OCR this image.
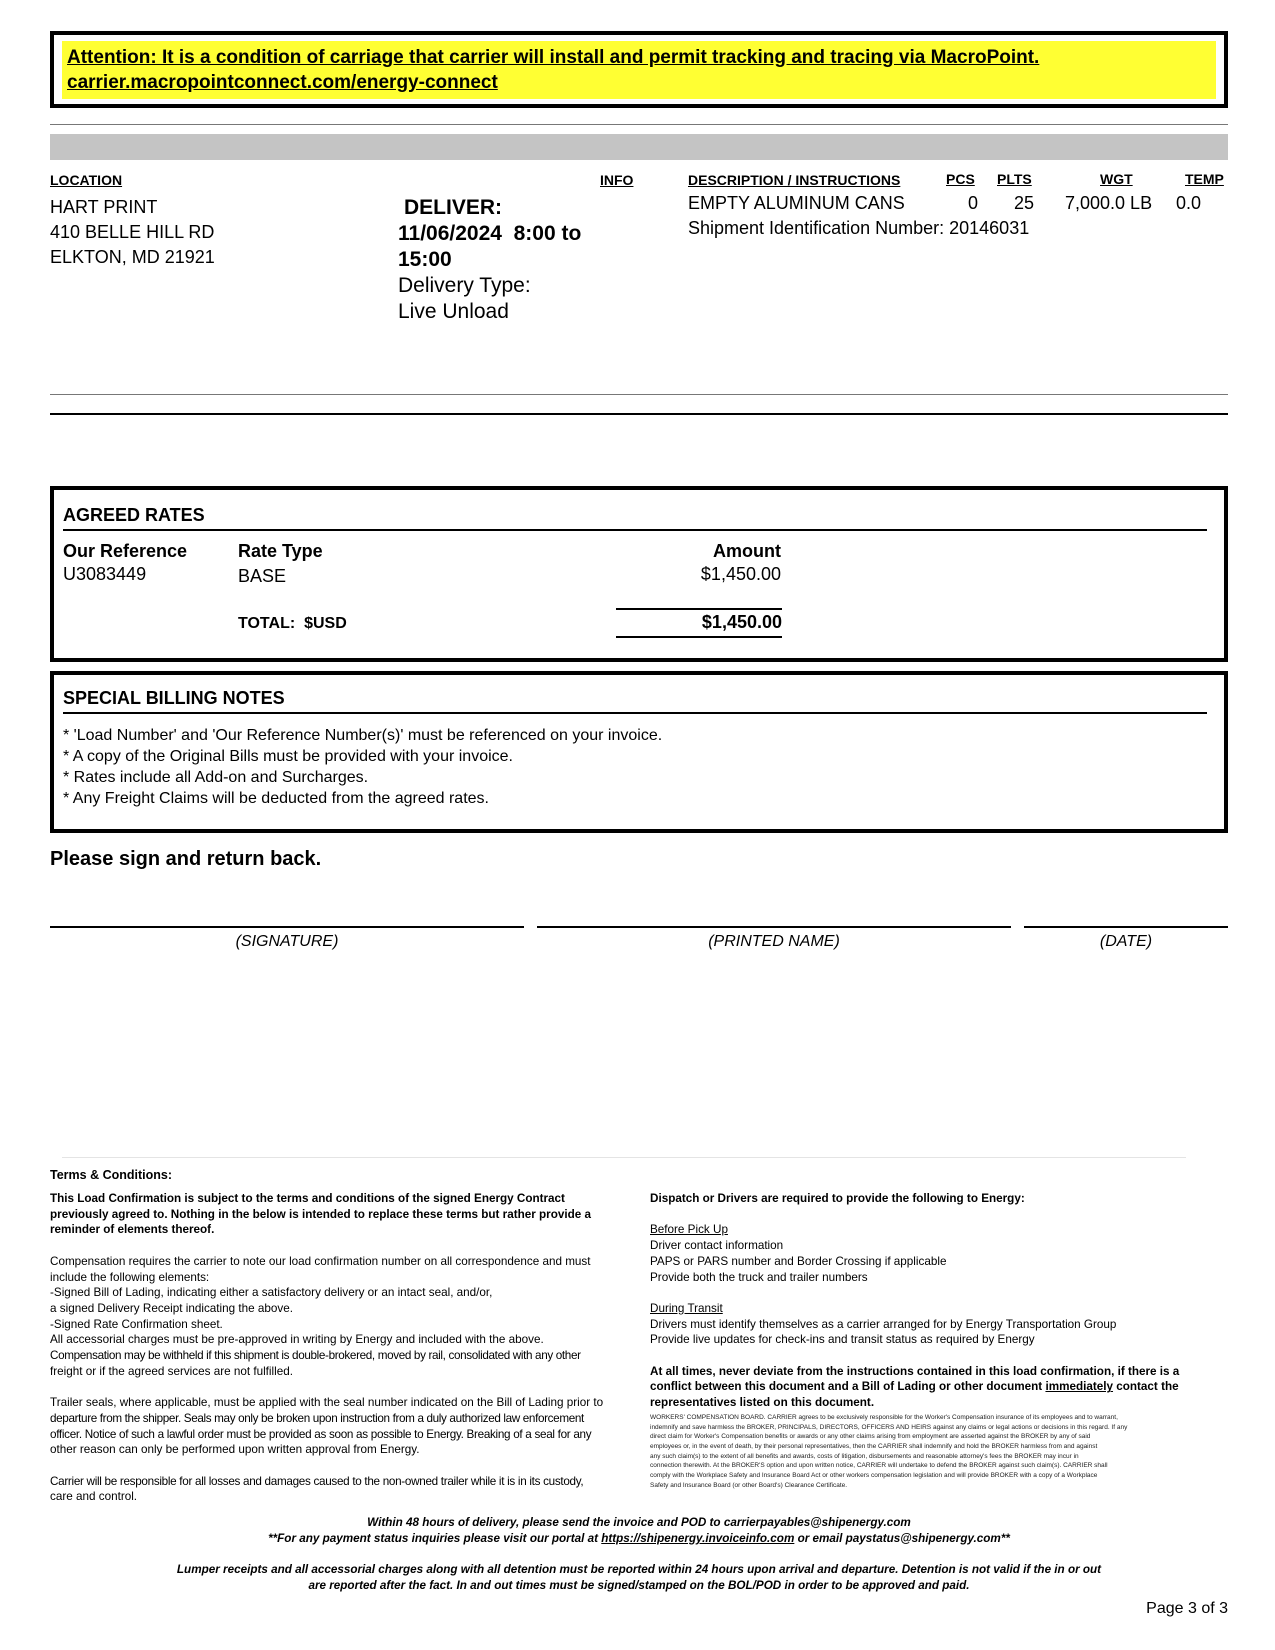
Attention: It is a condition of carriage that carrier will install and permit tracking and tracing via MacroPoint.
carrier.macropointconnect.com/energy-connect
LOCATION	INFO	DESCRIPTION / INSTRUCTIONS	PCS PLTS	WGT	TEMP
HART PRINT
410 BELLE HILL RD
ELKTON, MD 21921
DELIVER:
11/06/2024  8:00 to
15:00
Delivery Type:
Live Unload
EMPTY ALUMINUM CANS	0 25 7,000.0 LB 0.0
Shipment Identification Number: 20146031
AGREED RATES
Our Reference	Rate Type	Amount
U3083449	BASE	$1,450.00
TOTAL:  $USD	$1,450.00
SPECIAL BILLING NOTES
* 'Load Number' and 'Our Reference Number(s)' must be referenced on your invoice.
* A copy of the Original Bills must be provided with your invoice.
* Rates include all Add-on and Surcharges.
* Any Freight Claims will be deducted from the agreed rates.
Please sign and return back.
(SIGNATURE)	(PRINTED NAME)	(DATE)
Terms & Conditions:

This Load Confirmation is subject to the terms and conditions of the signed Energy Contract

previously agreed to. Nothing in the below is intended to replace these terms but rather provide a

reminder of elements thereof.

Compensation requires the carrier to note our load confirmation number on all correspondence and must

include the following elements:

-Signed Bill of Lading, indicating either a satisfactory delivery or an intact seal, and/or,

a signed Delivery Receipt indicating the above.

-Signed Rate Confirmation sheet.

All accessorial charges must be pre-approved in writing by Energy and included with the above.

Compensation may be withheld if this shipment is double-brokered, moved by rail, consolidated with any other

freight or if the agreed services are not fulfilled.

Trailer seals, where applicable, must be applied with the seal number indicated on the Bill of Lading prior to

departure from the shipper. Seals may only be broken upon instruction from a duly authorized law enforcement

officer. Notice of such a lawful order must be provided as soon as possible to Energy. Breaking of a seal for any

other reason can only be performed upon written approval from Energy.

Carrier will be responsible for all losses and damages caused to the non-owned trailer while it is in its custody,

care and control.

Dispatch or Drivers are required to provide the following to Energy:

Before Pick Up

Driver contact information

PAPS or PARS number and Border Crossing if applicable

Provide both the truck and trailer numbers

During Transit

Drivers must identify themselves as a carrier arranged for by Energy Transportation Group

Provide live updates for check-ins and transit status as required by Energy

At all times, never deviate from the instructions contained in this load confirmation, if there is a

conflict between this document and a Bill of Lading or other document immediately contact the

representatives listed on this document.

WORKERS' COMPENSATION BOARD. CARRIER agrees to be exclusively responsible for the Worker's Compensation insurance of its employees and to warrant,

indemnify and save harmless the BROKER, PRINCIPALS, DIRECTORS, OFFICERS AND HEIRS against any claims or legal actions or decisions in this regard. If any

direct claim for Worker's Compensation benefits or awards or any other claims arising from employment are asserted against the BROKER by any of said

employees or, in the event of death, by their personal representatives, then the CARRIER shall indemnify and hold the BROKER harmless from and against

any such claim(s) to the extent of all benefits and awards, costs of litigation, disbursements and reasonable attorney's fees the BROKER may incur in

connection therewith. At the BROKER'S option and upon written notice, CARRIER will undertake to defend the BROKER against such claim(s). CARRIER shall

comply with the Workplace Safety and Insurance Board Act or other workers compensation legislation and will provide BROKER with a copy of a Workplace

Safety and Insurance Board (or other Board's) Clearance Certificate.

Within 48 hours of delivery, please send the invoice and POD to carrierpayables@shipenergy.com
**For any payment status inquiries please visit our portal at https://shipenergy.invoiceinfo.com or email paystatus@shipenergy.com**
Lumper receipts and all accessorial charges along with all detention must be reported within 24 hours upon arrival and departure. Detention is not valid if the in or out
are reported after the fact. In and out times must be signed/stamped on the BOL/POD in order to be approved and paid.
Page 3 of 3
